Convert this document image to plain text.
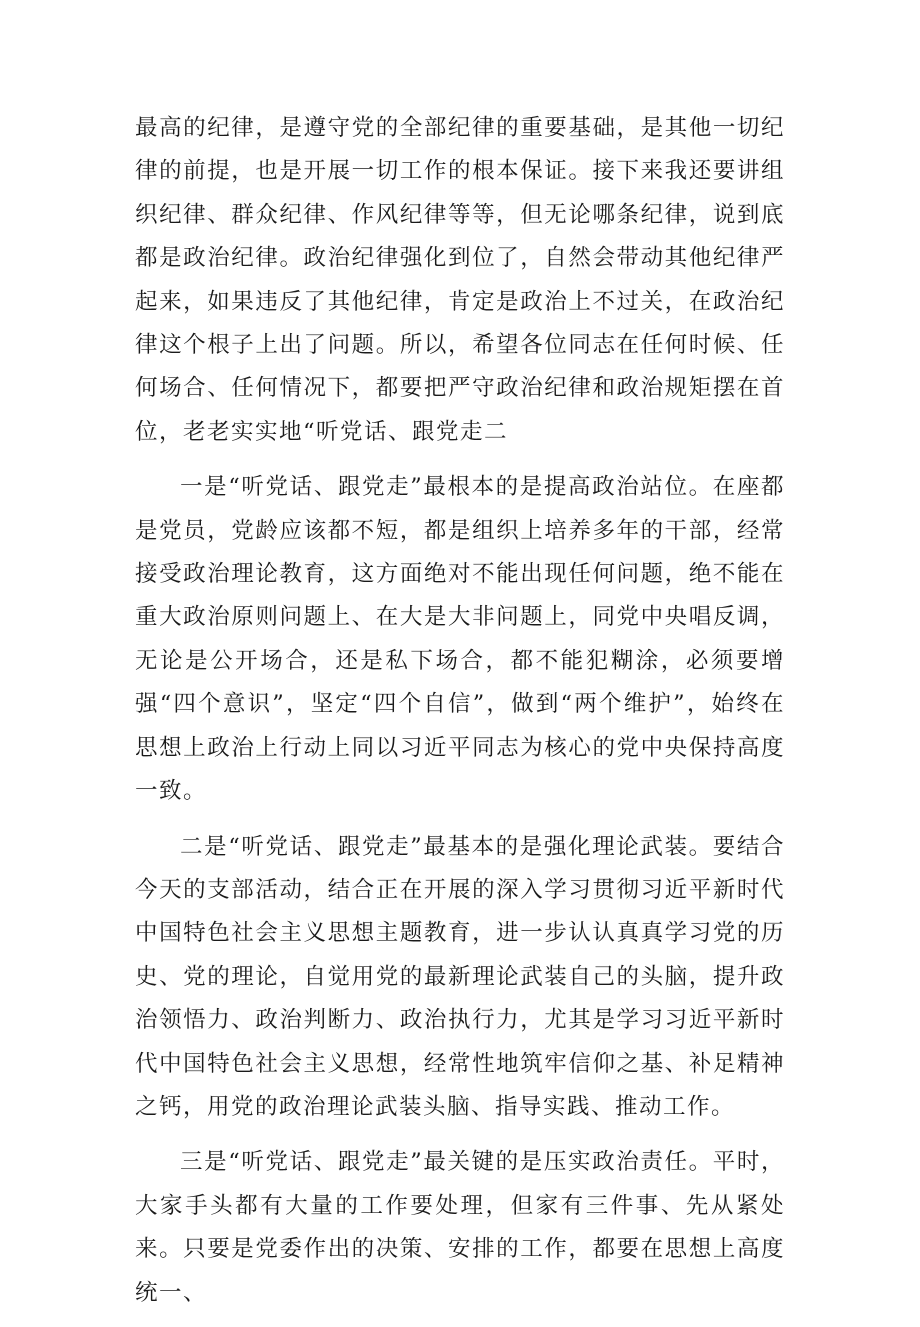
最高的纪律，是遵守党的全部纪律的重要基础，是其他一切纪律的前提，也是开展一切工作的根本保证。接下来我还要讲组织纪律、群众纪律、作风纪律等等，但无论哪条纪律，说到底都是政治纪律。政治纪律强化到位了，自然会带动其他纪律严起来，如果违反了其他纪律，肯定是政治上不过关，在政治纪律这个根子上出了问题。所以，希望各位同志在任何时候、任何场合、任何情况下，都要把严守政治纪律和政治规矩摆在首位，老老实实地“听党话、跟党走二

一是“听党话、跟党走”最根本的是提高政治站位。在座都是党员，党龄应该都不短，都是组织上培养多年的干部，经常接受政治理论教育，这方面绝对不能出现任何问题，绝不能在重大政治原则问题上、在大是大非问题上，同党中央唱反调，无论是公开场合，还是私下场合，都不能犯糊涂，必须要增强“四个意识”，坚定“四个自信”，做到“两个维护”，始终在思想上政治上行动上同以习近平同志为核心的党中央保持高度一致。

二是“听党话、跟党走”最基本的是强化理论武装。要结合今天的支部活动，结合正在开展的深入学习贯彻习近平新时代中国特色社会主义思想主题教育，进一步认认真真学习党的历史、党的理论，自觉用党的最新理论武装自己的头脑，提升政治领悟力、政治判断力、政治执行力，尤其是学习习近平新时代中国特色社会主义思想，经常性地筑牢信仰之基、补足精神之钙，用党的政治理论武装头脑、指导实践、推动工作。

三是“听党话、跟党走”最关键的是压实政治责任。平时，大家手头都有大量的工作要处理，但家有三件事、先从紧处来。只要是党委作出的决策、安排的工作，都要在思想上高度统一、
